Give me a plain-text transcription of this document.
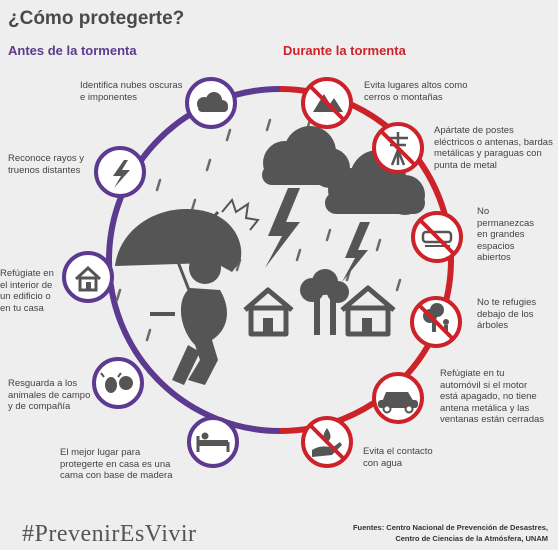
¿Cómo protegerte?
Antes de la tormenta	Durante la tormenta
Identifica nubes oscuras e imponentes
Reconoce rayos y truenos distantes
Refúgiate en el interior de un edificio o en tu casa
Resguarda a los animales de campo y de compañía
El mejor lugar para protegerte en casa es una cama con base de madera
Evita lugares altos como cerros o montañas
Apártate de postes eléctricos o antenas, bardas metálicas y paraguas con punta de metal
No permanezcas en grandes espacios abiertos
No te refugies debajo de los árboles
Refúgiate en tu automóvil si el motor está apagado, no tiene antena metálica y las ventanas están cerradas
Evita el contacto con agua
#PrevenirEsVivir	Fuentes: Centro Nacional de Prevención de Desastres,
Centro de Ciencias de la Atmósfera, UNAM
